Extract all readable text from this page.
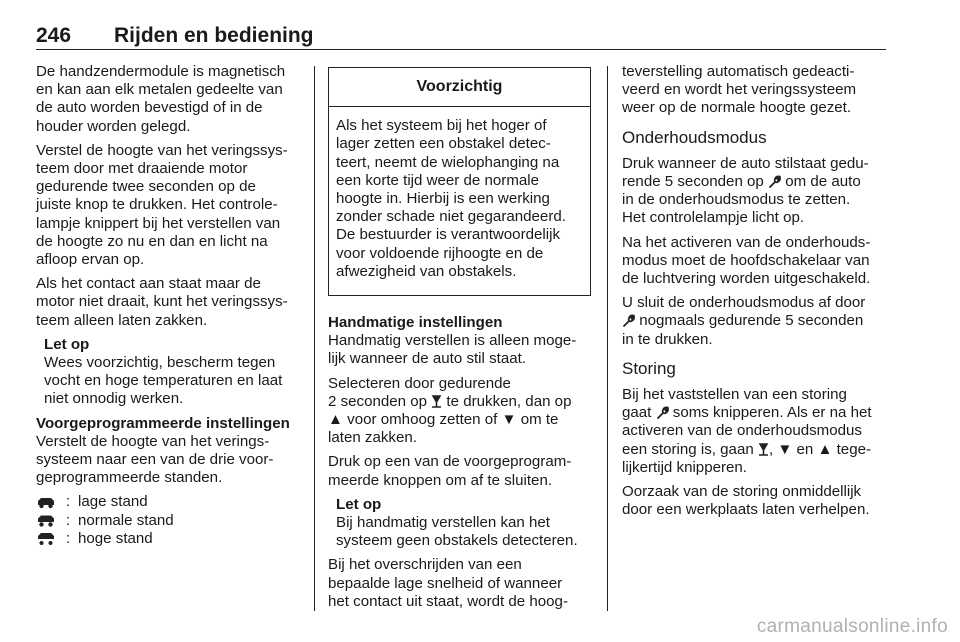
246 Rijden en bediening

De handzendermodule is magnetisch
en kan aan elk metalen gedeelte van
de auto worden bevestigd of in de
houder worden gelegd.

Verstel de hoogte van het veringssys-
teem door met draaiende motor
gedurende twee seconden op de
juiste knop te drukken. Het controle-
lampje knippert bij het verstellen van
de hoogte zo nu en dan en licht na
afloop ervan op.

Als het contact aan staat maar de
motor niet draait, kunt het veringssys-
teem alleen laten zakken.

Let op
Wees voorzichtig, bescherm tegen
vocht en hoge temperaturen en laat
niet onnodig werken.

Voorgeprogrammeerde instellingen

Verstelt de hoogte van het verings-
systeem naar een van de drie voor-
geprogrammeerde standen.

: lage stand
: normale stand
: hoge stand
Voorzichtig
Als het systeem bij het hoger of
lager zetten een obstakel detec-
teert, neemt de wielophanging na
een korte tijd weer de normale
hoogte in. Hierbij is een werking
zonder schade niet gegarandeerd.
De bestuurder is verantwoordelijk
voor voldoende rijhoogte en de
afwezigheid van obstakels.

Handmatige instellingen

Handmatig verstellen is alleen moge-
lijk wanneer de auto stil staat.

Selecteren door gedurende
2 seconden op  te drukken, dan op
▲ voor omhoog zetten of ▼ om te
laten zakken.

Druk op een van de voorgeprogram-
meerde knoppen om af te sluiten.

Let op
Bij handmatig verstellen kan het
systeem geen obstakels detecteren.

Bij het overschrijden van een
bepaalde lage snelheid of wanneer
het contact uit staat, wordt de hoog-

teverstelling automatisch gedeacti-
veerd en wordt het veringssysteem
weer op de normale hoogte gezet.

Onderhoudsmodus

Druk wanneer de auto stilstaat gedu-
rende 5 seconden op  om de auto
in de onderhoudsmodus te zetten.
Het controlelampje licht op.

Na het activeren van de onderhouds-
modus moet de hoofdschakelaar van
de luchtvering worden uitgeschakeld.

U sluit de onderhoudsmodus af door
nogmaals gedurende 5 seconden
in te drukken.

Storing

Bij het vaststellen van een storing
gaat  soms knipperen. Als er na het
activeren van de onderhoudsmodus
een storing is, gaan , ▼ en ▲ tege-
lijkertijd knipperen.

Oorzaak van de storing onmiddellijk
door een werkplaats laten verhelpen.

carmanualsonline.info
